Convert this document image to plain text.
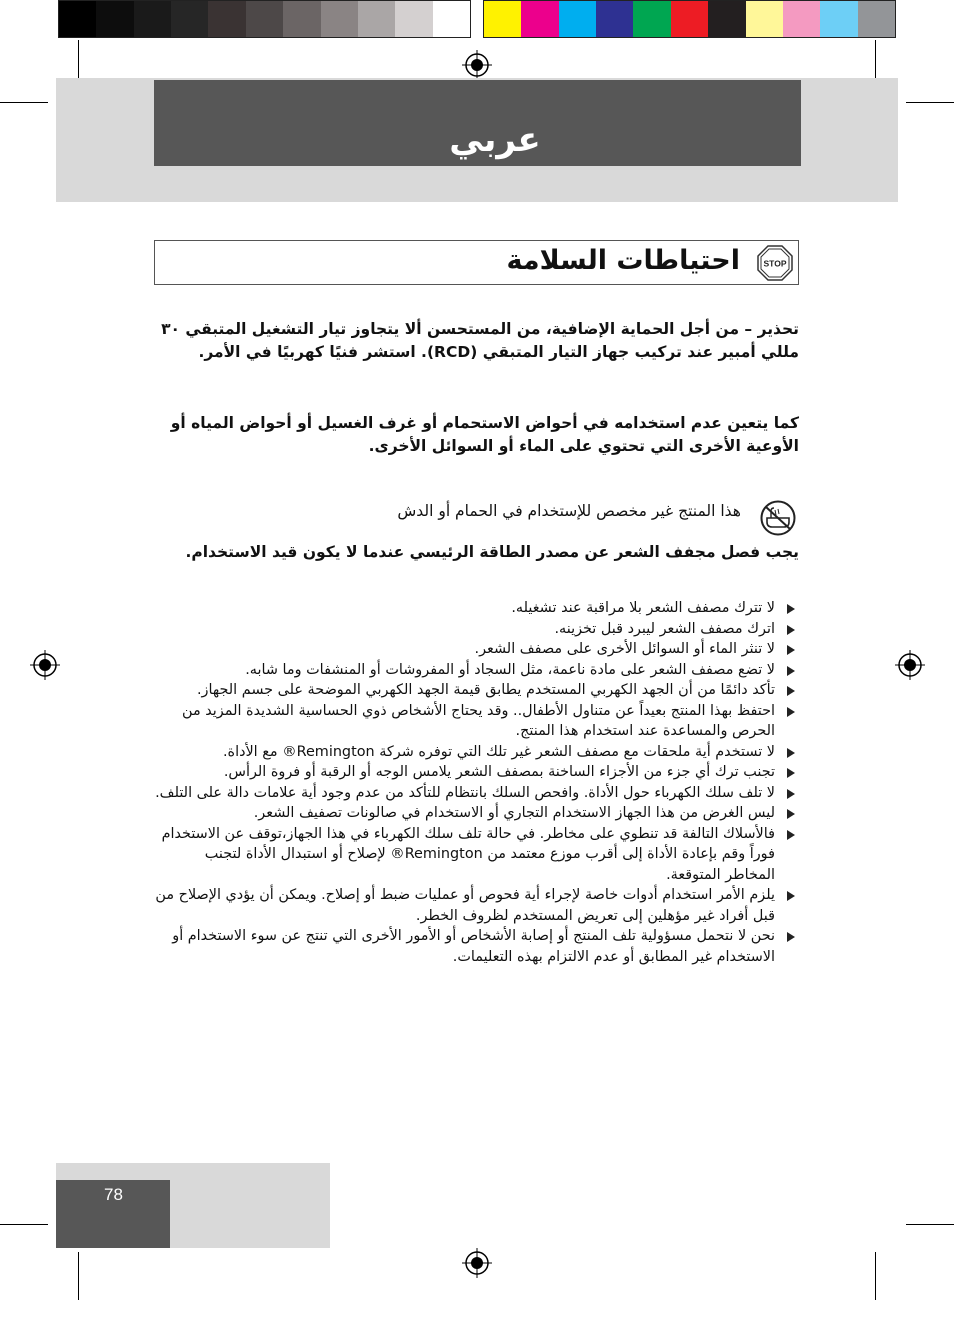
عربي
احتياطات السلامة	STOP
تحذير – من أجل الحماية الإضافية، من المستحسن ألا يتجاوز تيار التشغيل المتبقي ٣٠ مللي أمبير عند تركيب جهاز التيار المتبقي (RCD). استشر فنيًا كهربيًا في الأمر.
كما يتعين عدم استخدامه في أحواض الاستحمام أو غرف الغسيل أو أحواض المياه أو الأوعية الأخرى التي تحتوي على الماء أو السوائل الأخرى.
هذا المنتج غير مخصص للإستخدام في الحمام أو الدش
يجب فصل مجفف الشعر عن مصدر الطاقة الرئيسي عندما لا يكون قيد الاستخدام.
لا تترك مصفف الشعر بلا مراقبة عند تشغيله.
اترك مصفف الشعر ليبرد قبل تخزينه.
لا تنثر الماء أو السوائل الأخرى على مصفف الشعر.
لا تضع مصفف الشعر على مادة ناعمة، مثل السجاد أو المفروشات أو المنشفات وما شابه.
تأكد دائمًا من أن الجهد الكهربي المستخدم يطابق قيمة الجهد الكهربي الموضحة على جسم الجهاز.
احتفظ بهذا المنتج بعيداً عن متناول الأطفال.. وقد يحتاج الأشخاص ذوي الحساسية الشديدة المزيد من الحرص والمساعدة عند استخدام هذا المنتج.
لا تستخدم أية ملحقات مع مصفف الشعر غير تلك التي توفره شركة Remington® مع الأداة.
تجنب ترك أي جزء من الأجزاء الساخنة بمصفف الشعر يلامس الوجه أو الرقبة أو فروة الرأس.
لا تلف سلك الكهرباء حول الأداة. وافحص السلك بانتظام للتأكد من عدم وجود أية علامات دالة على التلف.
ليس الغرض من هذا الجهاز الاستخدام التجاري أو الاستخدام في صالونات تصفيف الشعر.
فالأسلاك التالفة قد تنطوي على مخاطر. في حالة تلف سلك الكهرباء في هذا الجهاز،توقف عن الاستخدام فوراً وقم بإعادة الأداة إلى أقرب موزع معتمد من Remington® لإصلاح أو استبدال الأداة لتجنب المخاطر المتوقعة.
يلزم الأمر استخدام أدوات خاصة لإجراء أية فحوص أو عمليات ضبط أو إصلاح. ويمكن أن يؤدي الإصلاح من قبل أفراد غير مؤهلين إلى تعريض المستخدم لظروف الخطر.
نحن لا نتحمل مسؤولية تلف المنتج أو إصابة الأشخاص أو الأمور الأخرى التي تنتج عن سوء الاستخدام أو الاستخدام غير المطابق أو عدم الالتزام بهذه التعليمات.
78
